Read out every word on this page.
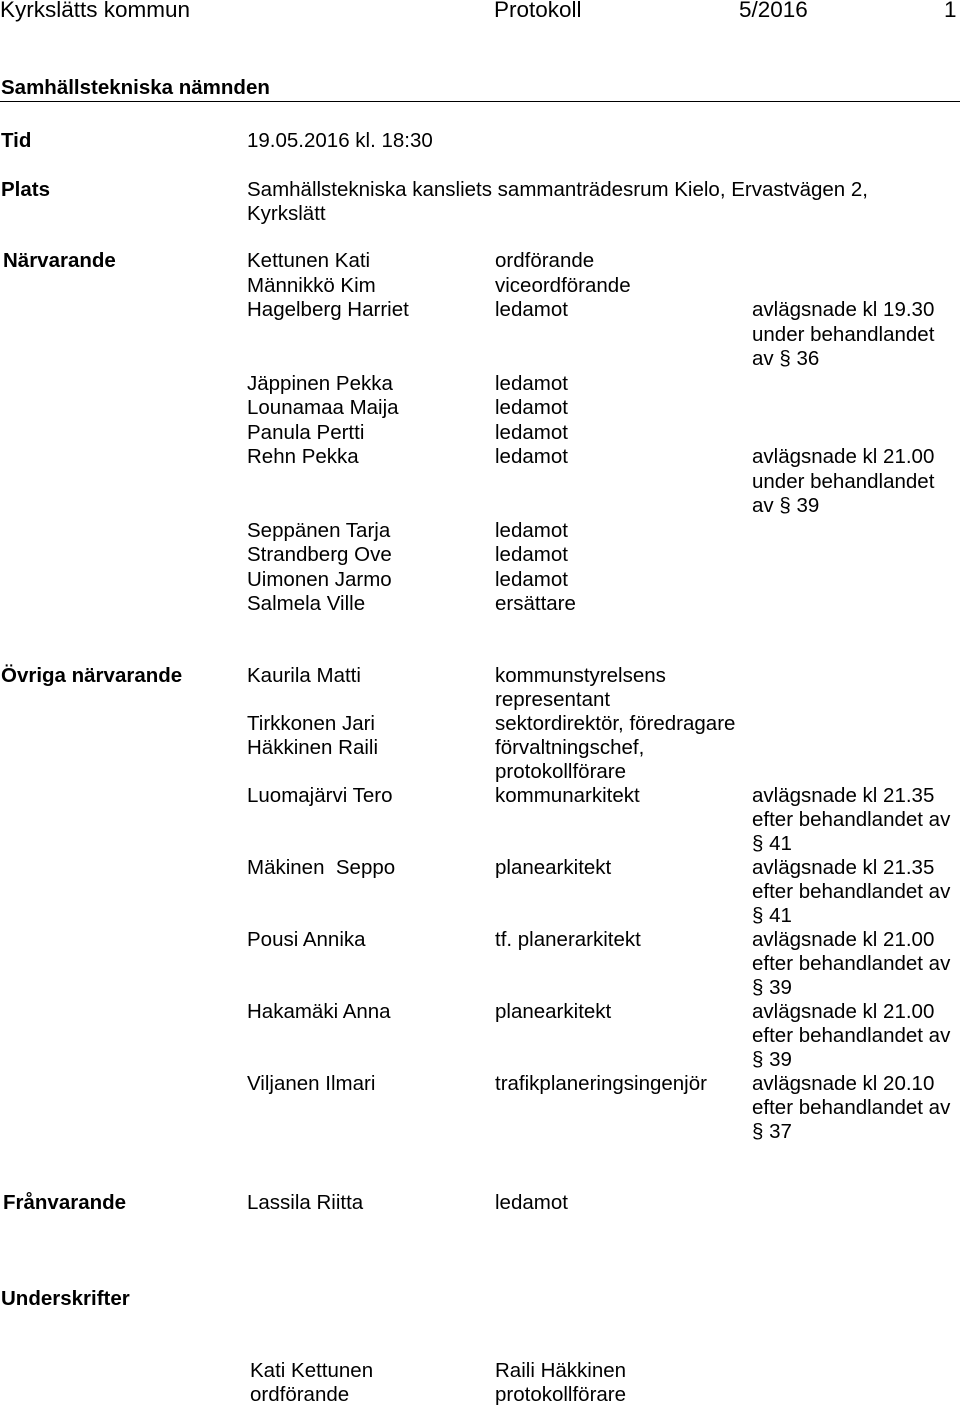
Kyrkslätts kommun	Protokoll	5/2016	1
Samhällstekniska nämnden
Tid	19.05.2016 kl. 18:30
Plats	Samhällstekniska kansliets sammanträdesrum Kielo, Ervastvägen 2,
Kyrkslätt
Närvarande	Kettunen Kati	ordförande
Männikkö Kim	viceordförande
Hagelberg Harriet	ledamot	avlägsnade kl 19.30
under behandlandet
av § 36
Jäppinen Pekka	ledamot
Lounamaa Maija	ledamot
Panula Pertti	ledamot
Rehn Pekka	ledamot	avlägsnade kl 21.00
under behandlandet
av § 39
Seppänen Tarja	ledamot
Strandberg Ove	ledamot
Uimonen Jarmo	ledamot
Salmela Ville	ersättare
Övriga närvarande	Kaurila Matti	kommunstyrelsens
representant
Tirkkonen Jari	sektordirektör, föredragare
Häkkinen Raili	förvaltningschef,
protokollförare
Luomajärvi Tero	kommunarkitekt	avlägsnade kl 21.35
efter behandlandet av
§ 41
Mäkinen  Seppo	planearkitekt	avlägsnade kl 21.35
efter behandlandet av
§ 41
Pousi Annika	tf. planerarkitekt	avlägsnade kl 21.00
efter behandlandet av
§ 39
Hakamäki Anna	planearkitekt	avlägsnade kl 21.00
efter behandlandet av
§ 39
Viljanen Ilmari	trafikplaneringsingenjör	avlägsnade kl 20.10
efter behandlandet av
§ 37
Frånvarande	Lassila Riitta	ledamot
Underskrifter
Kati Kettunen
ordförande
Raili Häkkinen
protokollförare
